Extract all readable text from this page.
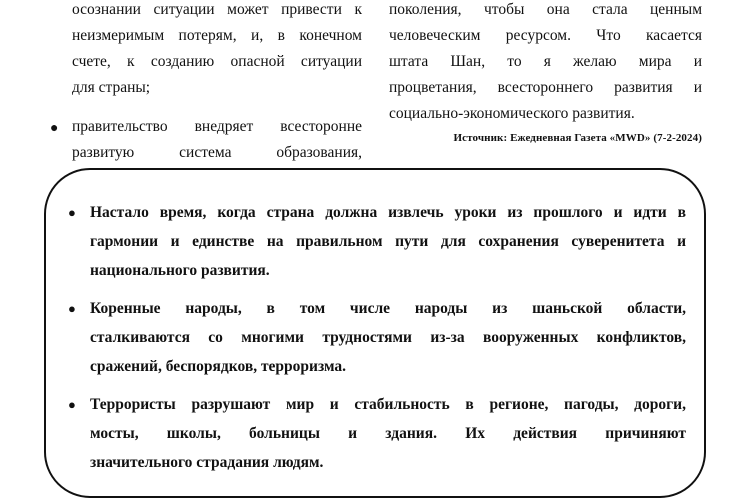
осознании ситуации может привести к
неизмеримым потерям, и, в конечном
счете, к созданию опасной ситуации
для страны;
● правительство внедряет всесторонне
развитую система образования,
поколения, чтобы она стала ценным
человеческим ресурсом. Что касается
штата Шан, то я желаю мира и
процветания, всестороннего развития и
социально-экономического развития.
Источник: Ежедневная Газета «MWD» (7-2-2024)
● Настало время, когда страна должна извлечь уроки из прошлого и идти в
гармонии и единстве на правильном пути для сохранения суверенитета и
национального развития.
● Коренные народы, в том числе народы из шаньской области,
сталкиваются со многими трудностями из-за вооруженных конфликтов,
сражений, беспорядков, терроризма.
● Террористы разрушают мир и стабильность в регионе, пагоды, дороги,
мосты, школы, больницы и здания. Их действия причиняют
значительного страдания людям.
